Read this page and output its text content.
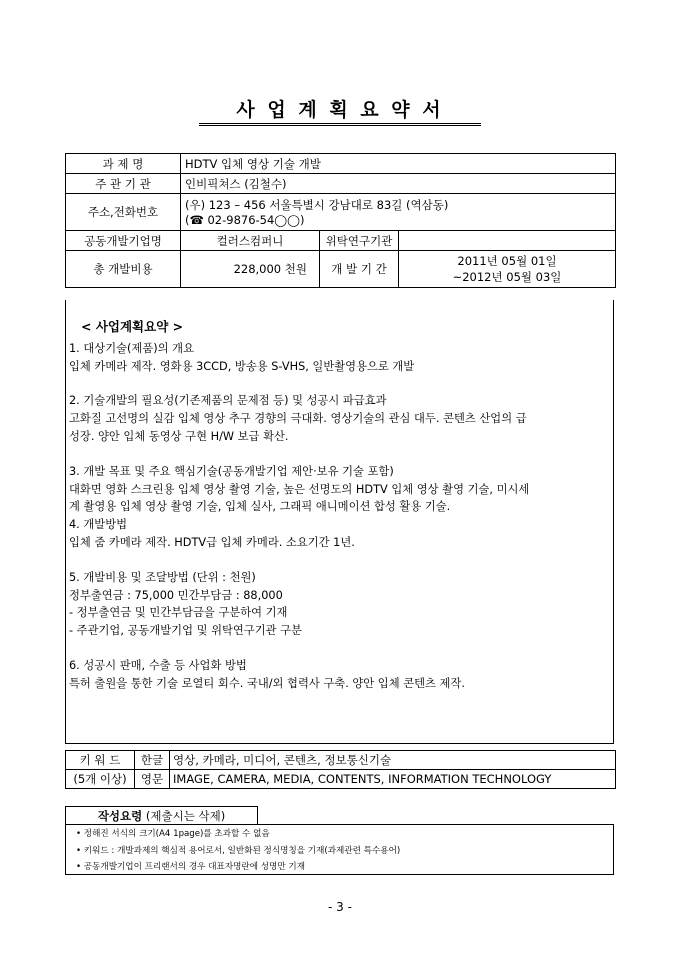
사 업 계 획 요 약 서
과 제 명	HDTV 입체 영상 기술 개발		
주 관 기 관	인비픽쳐스 (김철수)		
주소,전화번호	(우) 123 – 456 서울특별시 강남대로 83길 (역삼동)
(☎ 02-9876-54◯◯)		

공동개발기업명	컬러스컴퍼니	위탁연구기관	
총 개발비용	228,000 천원	개 발 기 간	2011년 05월 01일
~2012년 05월 03일
< 사업계획요약 >

1. 대상기술(제품)의 개요

입체 카메라 제작. 영화용 3CCD, 방송용 S-VHS, 일반촬영용으로 개발

2. 기술개발의 필요성(기존제품의 문제점 등) 및 성공시 파급효과

고화질 고선명의 실감 입체 영상 추구 경향의 극대화. 영상기술의 관심 대두. 콘텐츠 산업의 급

성장. 양안 입체 동영상 구현 H/W 보급 확산.

3. 개발 목표 및 주요 핵심기술(공동개발기업 제안·보유 기술 포함)

대화면 영화 스크린용 입체 영상 촬영 기술, 높은 선명도의 HDTV 입체 영상 촬영 기술, 미시세

계 촬영용 입체 영상 촬영 기술, 입체 실사, 그래픽 애니메이션 합성 활용 기술.

4. 개발방법

입체 줌 카메라 제작. HDTV급 입체 카메라. 소요기간 1년.

5. 개발비용 및 조달방법 (단위 : 천원)

정부출연금 : 75,000 민간부담금 : 88,000

- 정부출연금 및 민간부담금을 구분하여 기재

- 주관기업, 공동개발기업 및 위탁연구기관 구분

6. 성공시 판매, 수출 등 사업화 방법

특허 출원을 통한 기술 로열티 회수. 국내/외 협력사 구축. 양안 입체 콘텐츠 제작.

키 워 드	한글	영상, 카메라, 미디어, 콘텐츠, 정보통신기술
(5개 이상)	영문	IMAGE, CAMERA, MEDIA, CONTENTS, INFORMATION TECHNOLOGY
작성요령 (제출시는 삭제)
• 정해진 서식의 크기(A4 1page)를 초과할 수 없음
• 키워드 : 개발과제의 핵심적 용어로서, 일반화된 정식명칭을 기재(과제관련 특수용어)
• 공동개발기업이 프리랜서의 경우 대표자명란에 성명만 기재
- 3 -
